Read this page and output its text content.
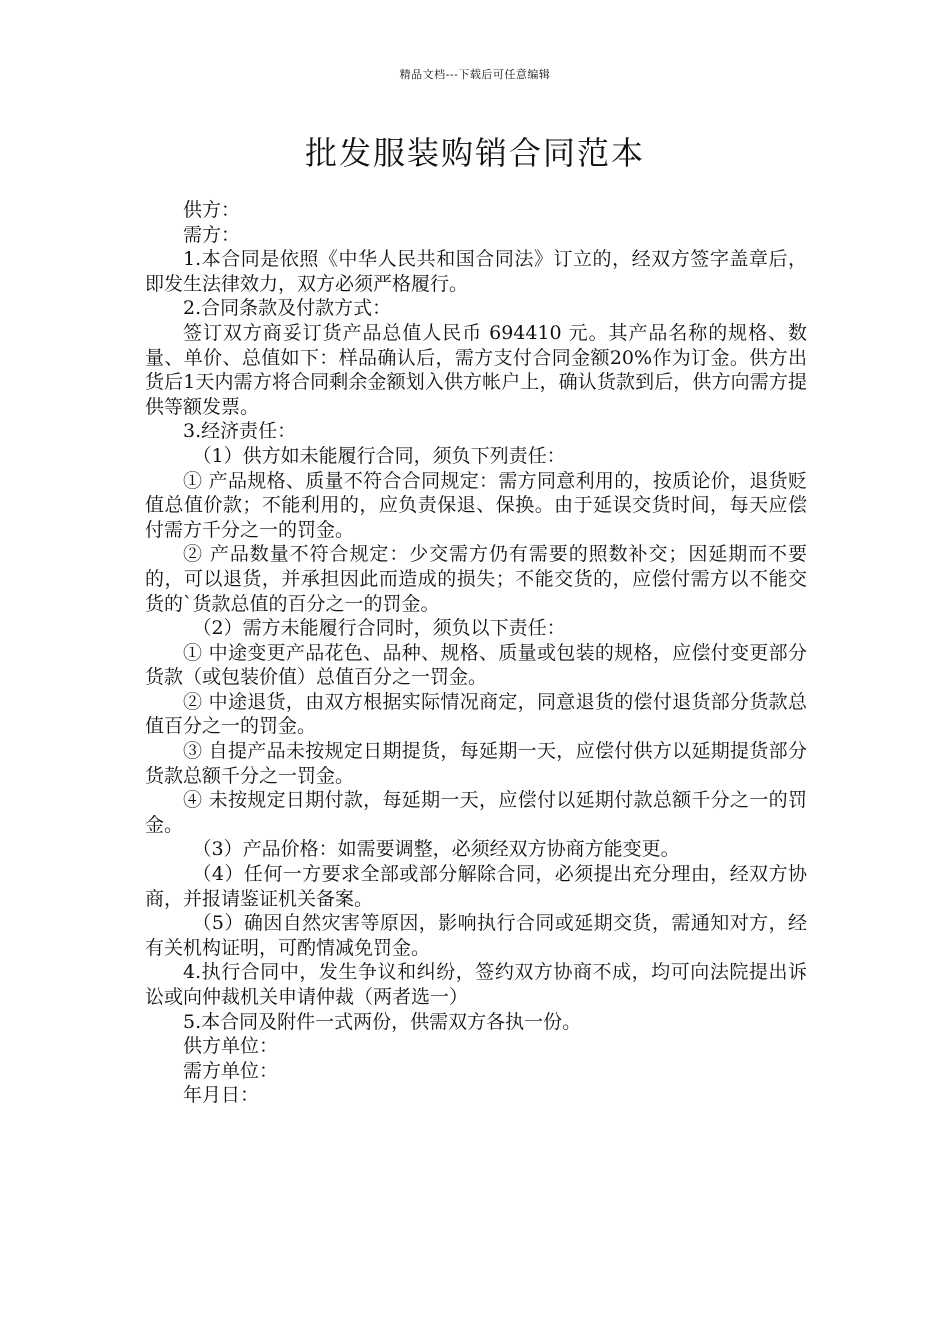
精品文档---下载后可任意编辑
批发服装购销合同范本

供方：

需方：

1.本合同是依照《中华人民共和国合同法》订立的，经双方签字盖章后，即发生法律效力，双方必须严格履行。

2.合同条款及付款方式：

签订双方商妥订货产品总值人民币 694410 元。其产品名称的规格、数量、单价、总值如下：样品确认后，需方支付合同金额20%作为订金。供方出货后1天内需方将合同剩余金额划入供方帐户上，确认货款到后，供方向需方提供等额发票。

3.经济责任：

（1）供方如未能履行合同，须负下列责任：

① 产品规格、质量不符合合同规定：需方同意利用的，按质论价，退货贬值总值价款；不能利用的，应负责保退、保换。由于延误交货时间，每天应偿付需方千分之一的罚金。

② 产品数量不符合规定：少交需方仍有需要的照数补交；因延期而不要的，可以退货，并承担因此而造成的损失；不能交货的，应偿付需方以不能交货的`货款总值的百分之一的罚金。

（2）需方未能履行合同时，须负以下责任：

① 中途变更产品花色、品种、规格、质量或包装的规格，应偿付变更部分货款（或包装价值）总值百分之一罚金。

② 中途退货，由双方根据实际情况商定，同意退货的偿付退货部分货款总值百分之一的罚金。

③ 自提产品未按规定日期提货，每延期一天，应偿付供方以延期提货部分货款总额千分之一罚金。

④ 未按规定日期付款，每延期一天，应偿付以延期付款总额千分之一的罚金。

（3）产品价格：如需要调整，必须经双方协商方能变更。

（4）任何一方要求全部或部分解除合同，必须提出充分理由，经双方协商，并报请鉴证机关备案。

（5）确因自然灾害等原因，影响执行合同或延期交货，需通知对方，经有关机构证明，可酌情减免罚金。

4.执行合同中，发生争议和纠纷，签约双方协商不成，均可向法院提出诉讼或向仲裁机关申请仲裁（两者选一）

5.本合同及附件一式两份，供需双方各执一份。

供方单位：

需方单位：

年月日：
